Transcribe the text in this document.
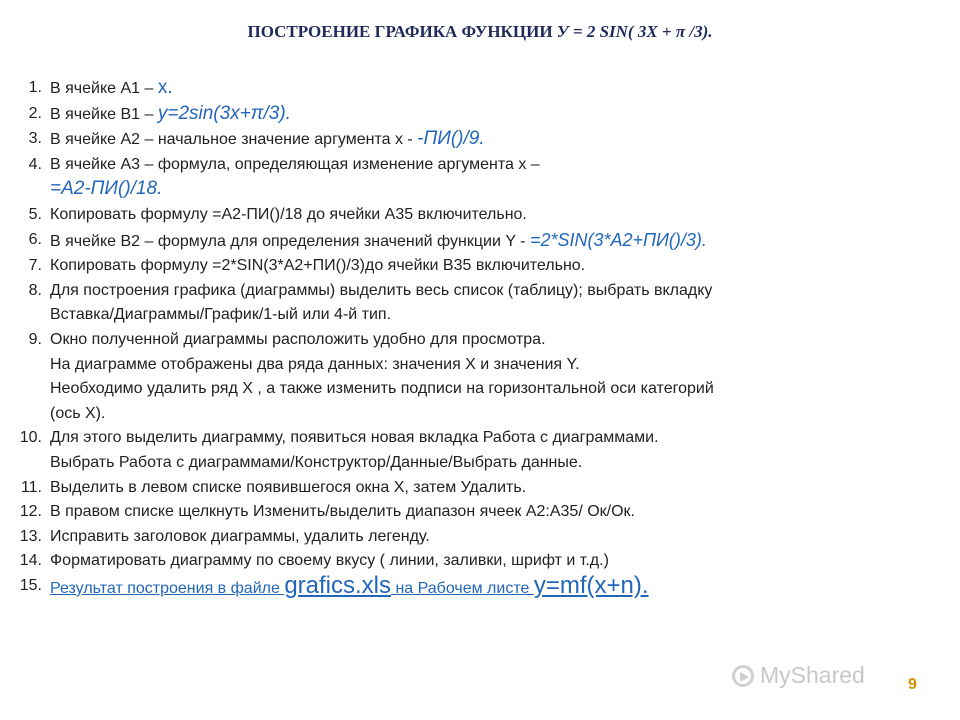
ПОСТРОЕНИЕ ГРАФИКА ФУНКЦИИ У = 2 SIN( 3X + π /3).
1. В ячейке А1 – х.
2. В ячейке В1 – y=2sin(3x+π/3).
3. В ячейке А2 – начальное значение аргумента х - -ПИ()/9.
4. В ячейке А3 – формула, определяющая изменение аргумента х –
=А2-ПИ()/18.
5. Копировать формулу =А2-ПИ()/18 до ячейки А35 включительно.
6. В ячейке В2 – формула для определения значений функции Y - =2*SIN(3*A2+ПИ()/3).
7. Копировать формулу =2*SIN(3*A2+ПИ()/3)до ячейки В35 включительно.
8. Для построения графика (диаграммы) выделить весь список (таблицу); выбрать вкладку
Вставка/Диаграммы/График/1-ый или 4-й тип.
9. Окно полученной диаграммы расположить удобно для просмотра.
На диаграмме отображены два ряда данных: значения Х и значения Y.
Необходимо удалить ряд Х , а также изменить подписи на горизонтальной оси категорий
(ось Х).
10. Для этого выделить диаграмму, появиться новая вкладка Работа с диаграммами.
Выбрать Работа с диаграммами/Конструктор/Данные/Выбрать данные.
11. Выделить в левом списке появившегося окна Х, затем Удалить.
12. В правом списке щелкнуть Изменить/выделить диапазон ячеек А2:А35/ Ок/Ок.
13. Исправить заголовок диаграммы, удалить легенду.
14. Форматировать диаграмму по своему вкусу ( линии, заливки, шрифт и т.д.)
15. Результат построения в файле grafics.xls на Рабочем листе y=mf(x+n).
MyShared	9
